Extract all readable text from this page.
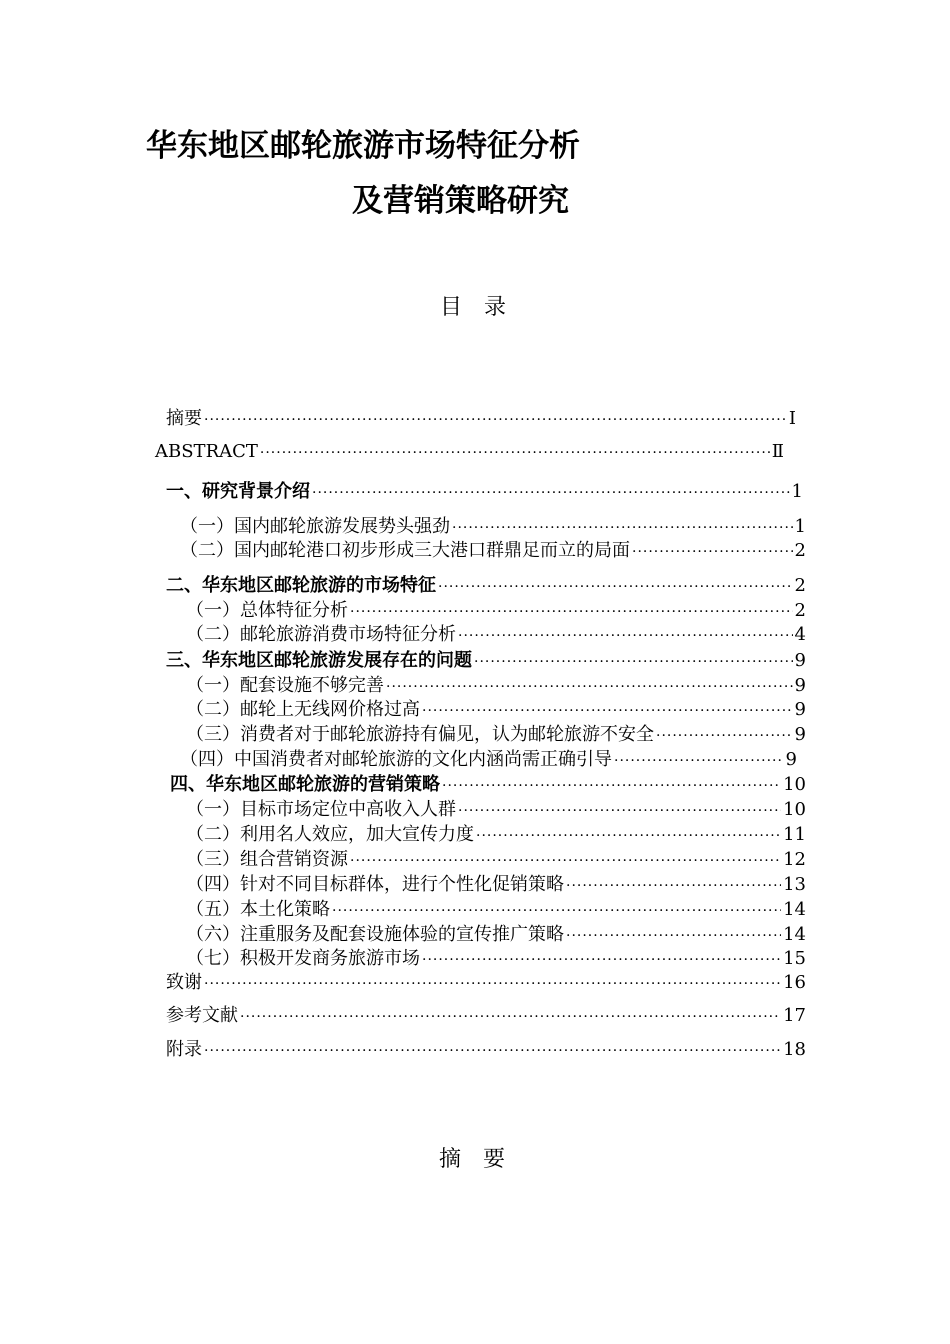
华东地区邮轮旅游市场特征分析
及营销策略研究
目录
摘要 ·····	Ⅰ
ABSTRACT ·····	Ⅱ
一、研究背景介绍 ·····	1
（一）国内邮轮旅游发展势头强劲 ·····	1
（二）国内邮轮港口初步形成三大港口群鼎足而立的局面 ·····	2
二、华东地区邮轮旅游的市场特征 ·····	2
（一）总体特征分析 ·····	2
（二）邮轮旅游消费市场特征分析 ·····	4
三、华东地区邮轮旅游发展存在的问题 ·····	9
（一）配套设施不够完善 ·····	9
（二）邮轮上无线网价格过高 ·····	9
（三）消费者对于邮轮旅游持有偏见，认为邮轮旅游不安全 ·····	9
（四）中国消费者对邮轮旅游的文化内涵尚需正确引导 ·····	9
四、华东地区邮轮旅游的营销策略 ·····	10
（一）目标市场定位中高收入人群 ·····	10
（二）利用名人效应，加大宣传力度 ·····	11
（三）组合营销资源 ·····	12
（四）针对不同目标群体，进行个性化促销策略 ·····	13
（五）本土化策略 ·····	14
（六）注重服务及配套设施体验的宣传推广策略 ·····	14
（七）积极开发商务旅游市场 ·····	15
致谢 ·····	16
参考文献 ·····	17
附录 ·····	18
摘要
